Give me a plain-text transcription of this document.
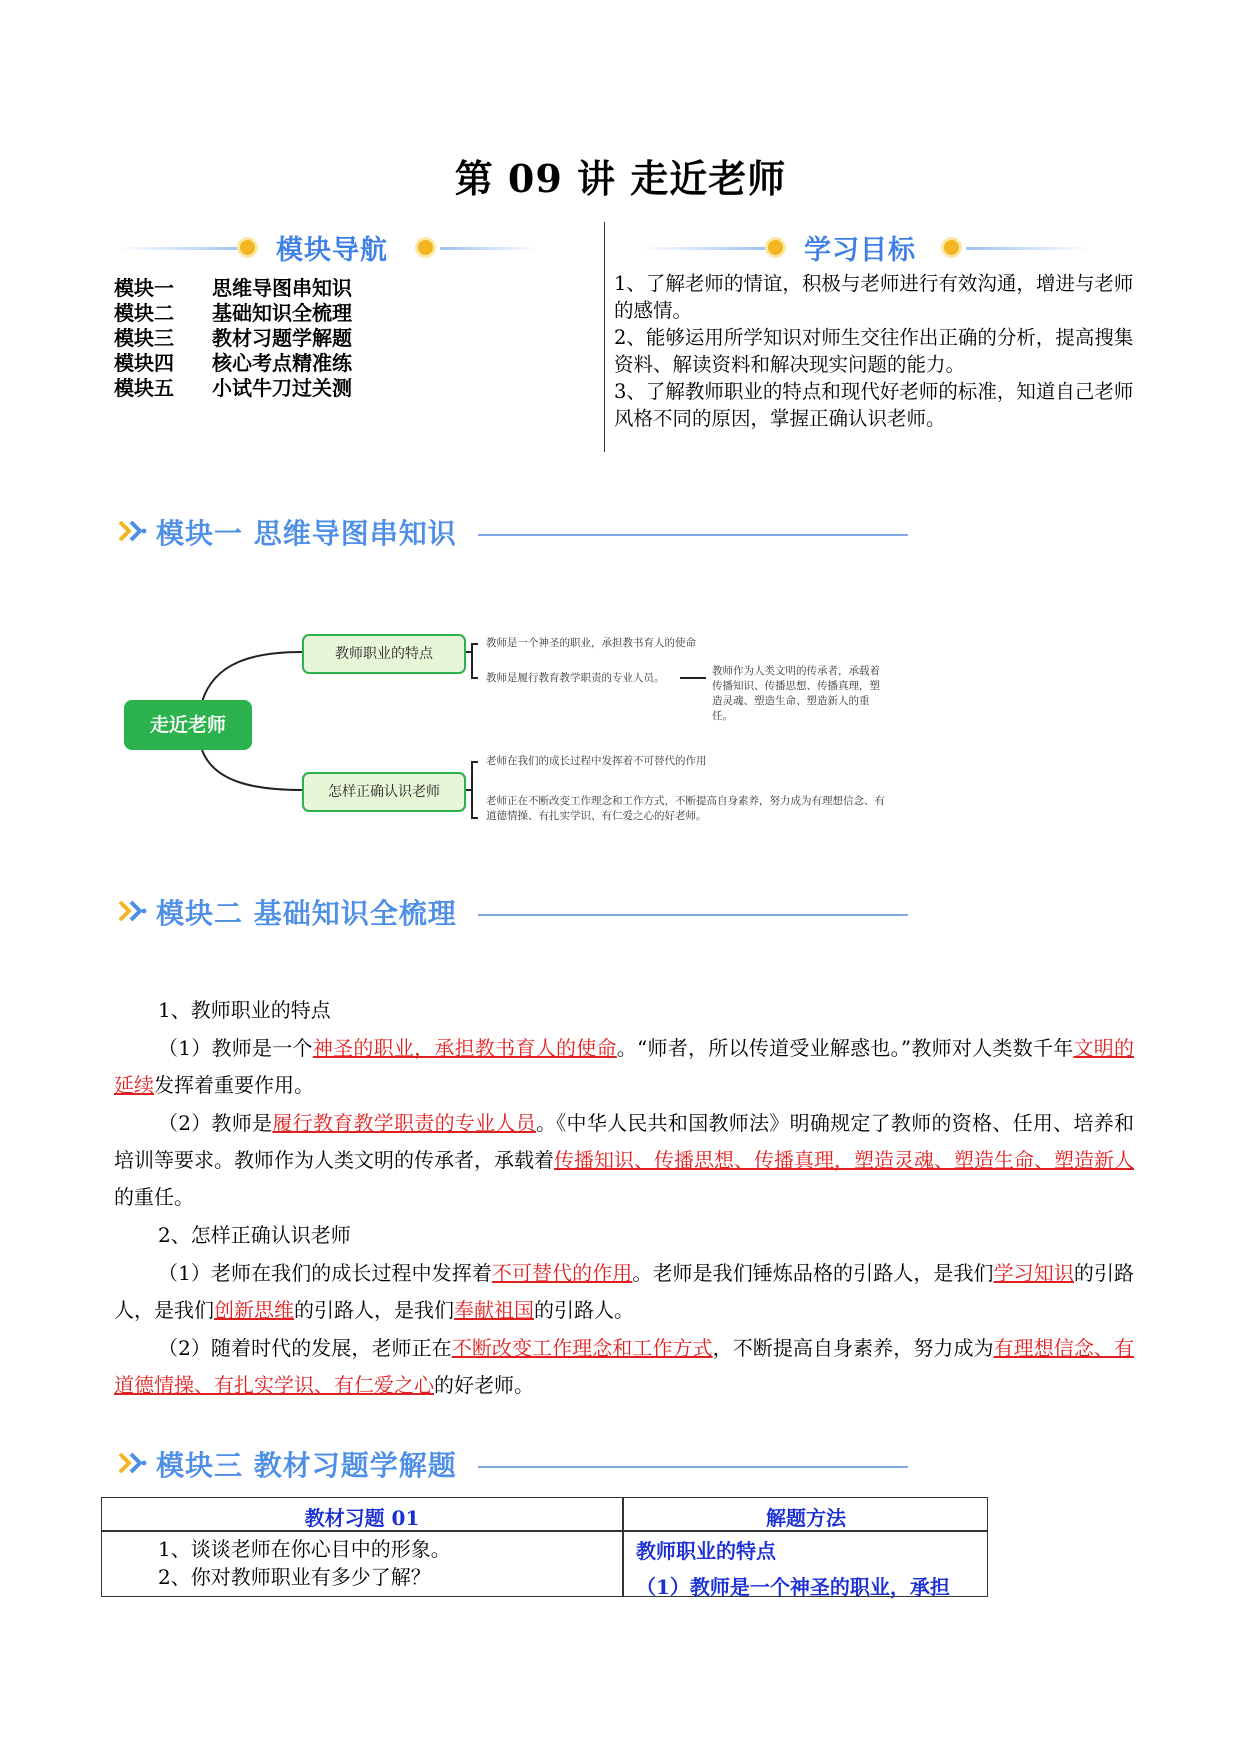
第 09 讲 走近老师
模块导航	学习目标
模块一 思维导图串知识
模块二 基础知识全梳理
模块三 教材习题学解题
模块四 核心考点精准练
模块五 小试牛刀过关测

1、了解老师的情谊，积极与老师进行有效沟通，增进与老师的感情。

2、能够运用所学知识对师生交往作出正确的分析，提高搜集资料、解读资料和解决现实问题的能力。

3、了解教师职业的特点和现代好老师的标准，知道自己老师风格不同的原因，掌握正确认识老师。

模块一 思维导图串知识
走近老师
教师职业的特点
怎样正确认识老师
教师是一个神圣的职业，承担教书育人的使命
教师是履行教育教学职责的专业人员。
教师作为人类文明的传承者，承载着传播知识、传播思想、传播真理，塑造灵魂、塑造生命、塑造新人的重任。
老师在我们的成长过程中发挥着不可替代的作用
老师正在不断改变工作理念和工作方式，不断提高自身素养，努力成为有理想信念、有道德情操、有扎实学识、有仁爱之心的好老师。
模块二 基础知识全梳理
1、教师职业的特点
（1）教师是一个神圣的职业，承担教书育人的使命。“师者，所以传道受业解惑也。”教师对人类数千年文明的延续发挥着重要作用。
（2）教师是履行教育教学职责的专业人员。《中华人民共和国教师法》明确规定了教师的资格、任用、培养和培训等要求。教师作为人类文明的传承者，承载着传播知识、传播思想、传播真理，塑造灵魂、塑造生命、塑造新人的重任。
2、怎样正确认识老师
（1）老师在我们的成长过程中发挥着不可替代的作用。老师是我们锤炼品格的引路人，是我们学习知识的引路人，是我们创新思维的引路人，是我们奉献祖国的引路人。
（2）随着时代的发展，老师正在不断改变工作理念和工作方式，不断提高自身素养，努力成为有理想信念、有道德情操、有扎实学识、有仁爱之心的好老师。
模块三 教材习题学解题
教材习题 01	解题方法
1、谈谈老师在你心目中的形象。
2、你对教师职业有多少了解？
教师职业的特点
（1）教师是一个神圣的职业，承担
